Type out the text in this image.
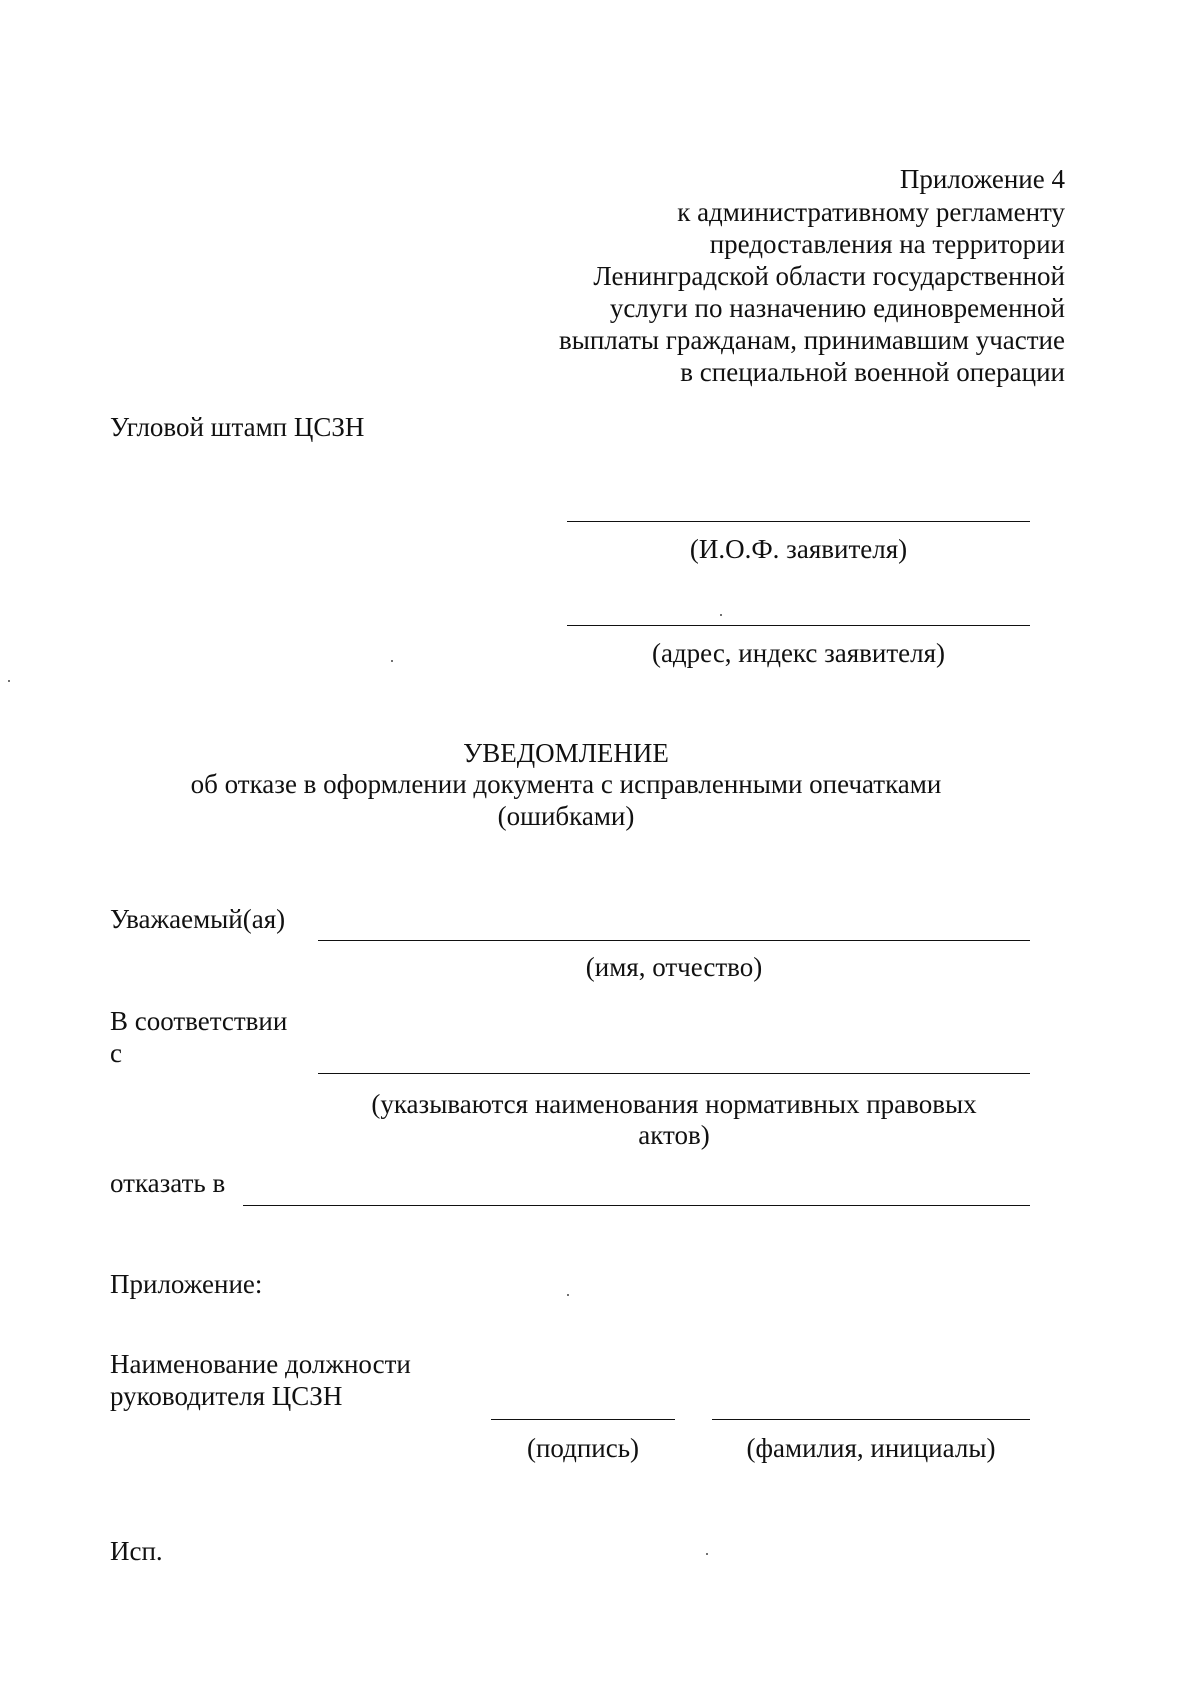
Приложение 4
к административному регламенту
предоставления на территории
Ленинградской области государственной
услуги по назначению единовременной
выплаты гражданам, принимавшим участие
в специальной военной операции
Угловой штамп ЦСЗН
(И.О.Ф. заявителя)
(адрес, индекс заявителя)
УВЕДОМЛЕНИЕ
об отказе в оформлении документа с исправленными опечатками
(ошибками)
Уважаемый(ая)
(имя, отчество)
В соответствии
с
(указываются наименования нормативных правовых
актов)
отказать в
Приложение:
Наименование должности
руководителя ЦСЗН
(подпись)	(фамилия, инициалы)
Исп.
